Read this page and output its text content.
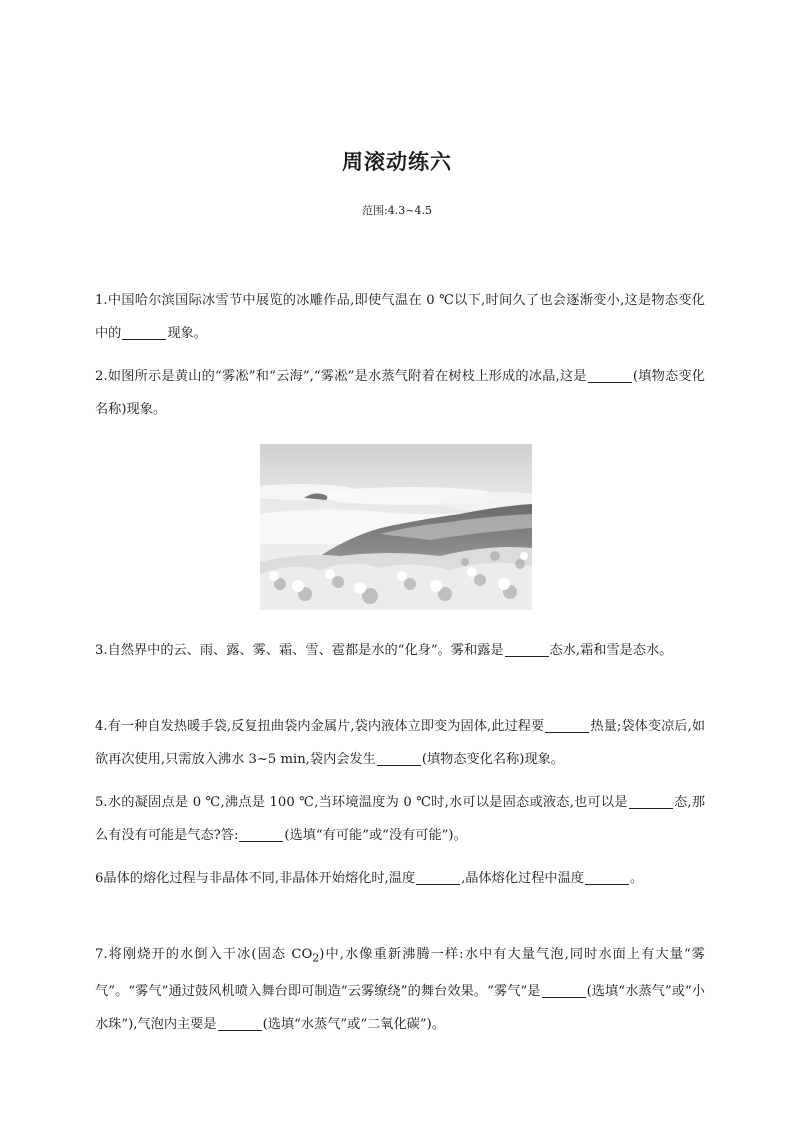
周滚动练六
范围:4.3~4.5
1.中国哈尔滨国际冰雪节中展览的冰雕作品,即使气温在 0 ℃以下,时间久了也会逐渐变小,这是物态变化中的	现象。
2.如图所示是黄山的“雾凇”和“云海”,“雾凇”是水蒸气附着在树枝上形成的冰晶,这是	(填物态变化名称)现象。
3.自然界中的云、雨、露、雾、霜、雪、雹都是水的“化身”。雾和露是	态水,霜和雪是态水。
4.有一种自发热暖手袋,反复扭曲袋内金属片,袋内液体立即变为固体,此过程要	热量;袋体变凉后,如欲再次使用,只需放入沸水 3~5 min,袋内会发生	(填物态变化名称)现象。
5.水的凝固点是 0 ℃,沸点是 100 ℃,当环境温度为 0 ℃时,水可以是固态或液态,也可以是	态,那么有没有可能是气态?答:	(选填“有可能”或“没有可能”)。
6晶体的熔化过程与非晶体不同,非晶体开始熔化时,温度	,晶体熔化过程中温度	。
7.将刚烧开的水倒入干冰(固态 $CO_2$)中,水像重新沸腾一样:水中有大量气泡,同时水面上有大量“雾气”。“雾气”通过鼓风机喷入舞台即可制造“云雾缭绕”的舞台效果。“雾气”是	(选填“水蒸气”或“小水珠”),气泡内主要是	(选填“水蒸气”或“二氧化碳”)。
